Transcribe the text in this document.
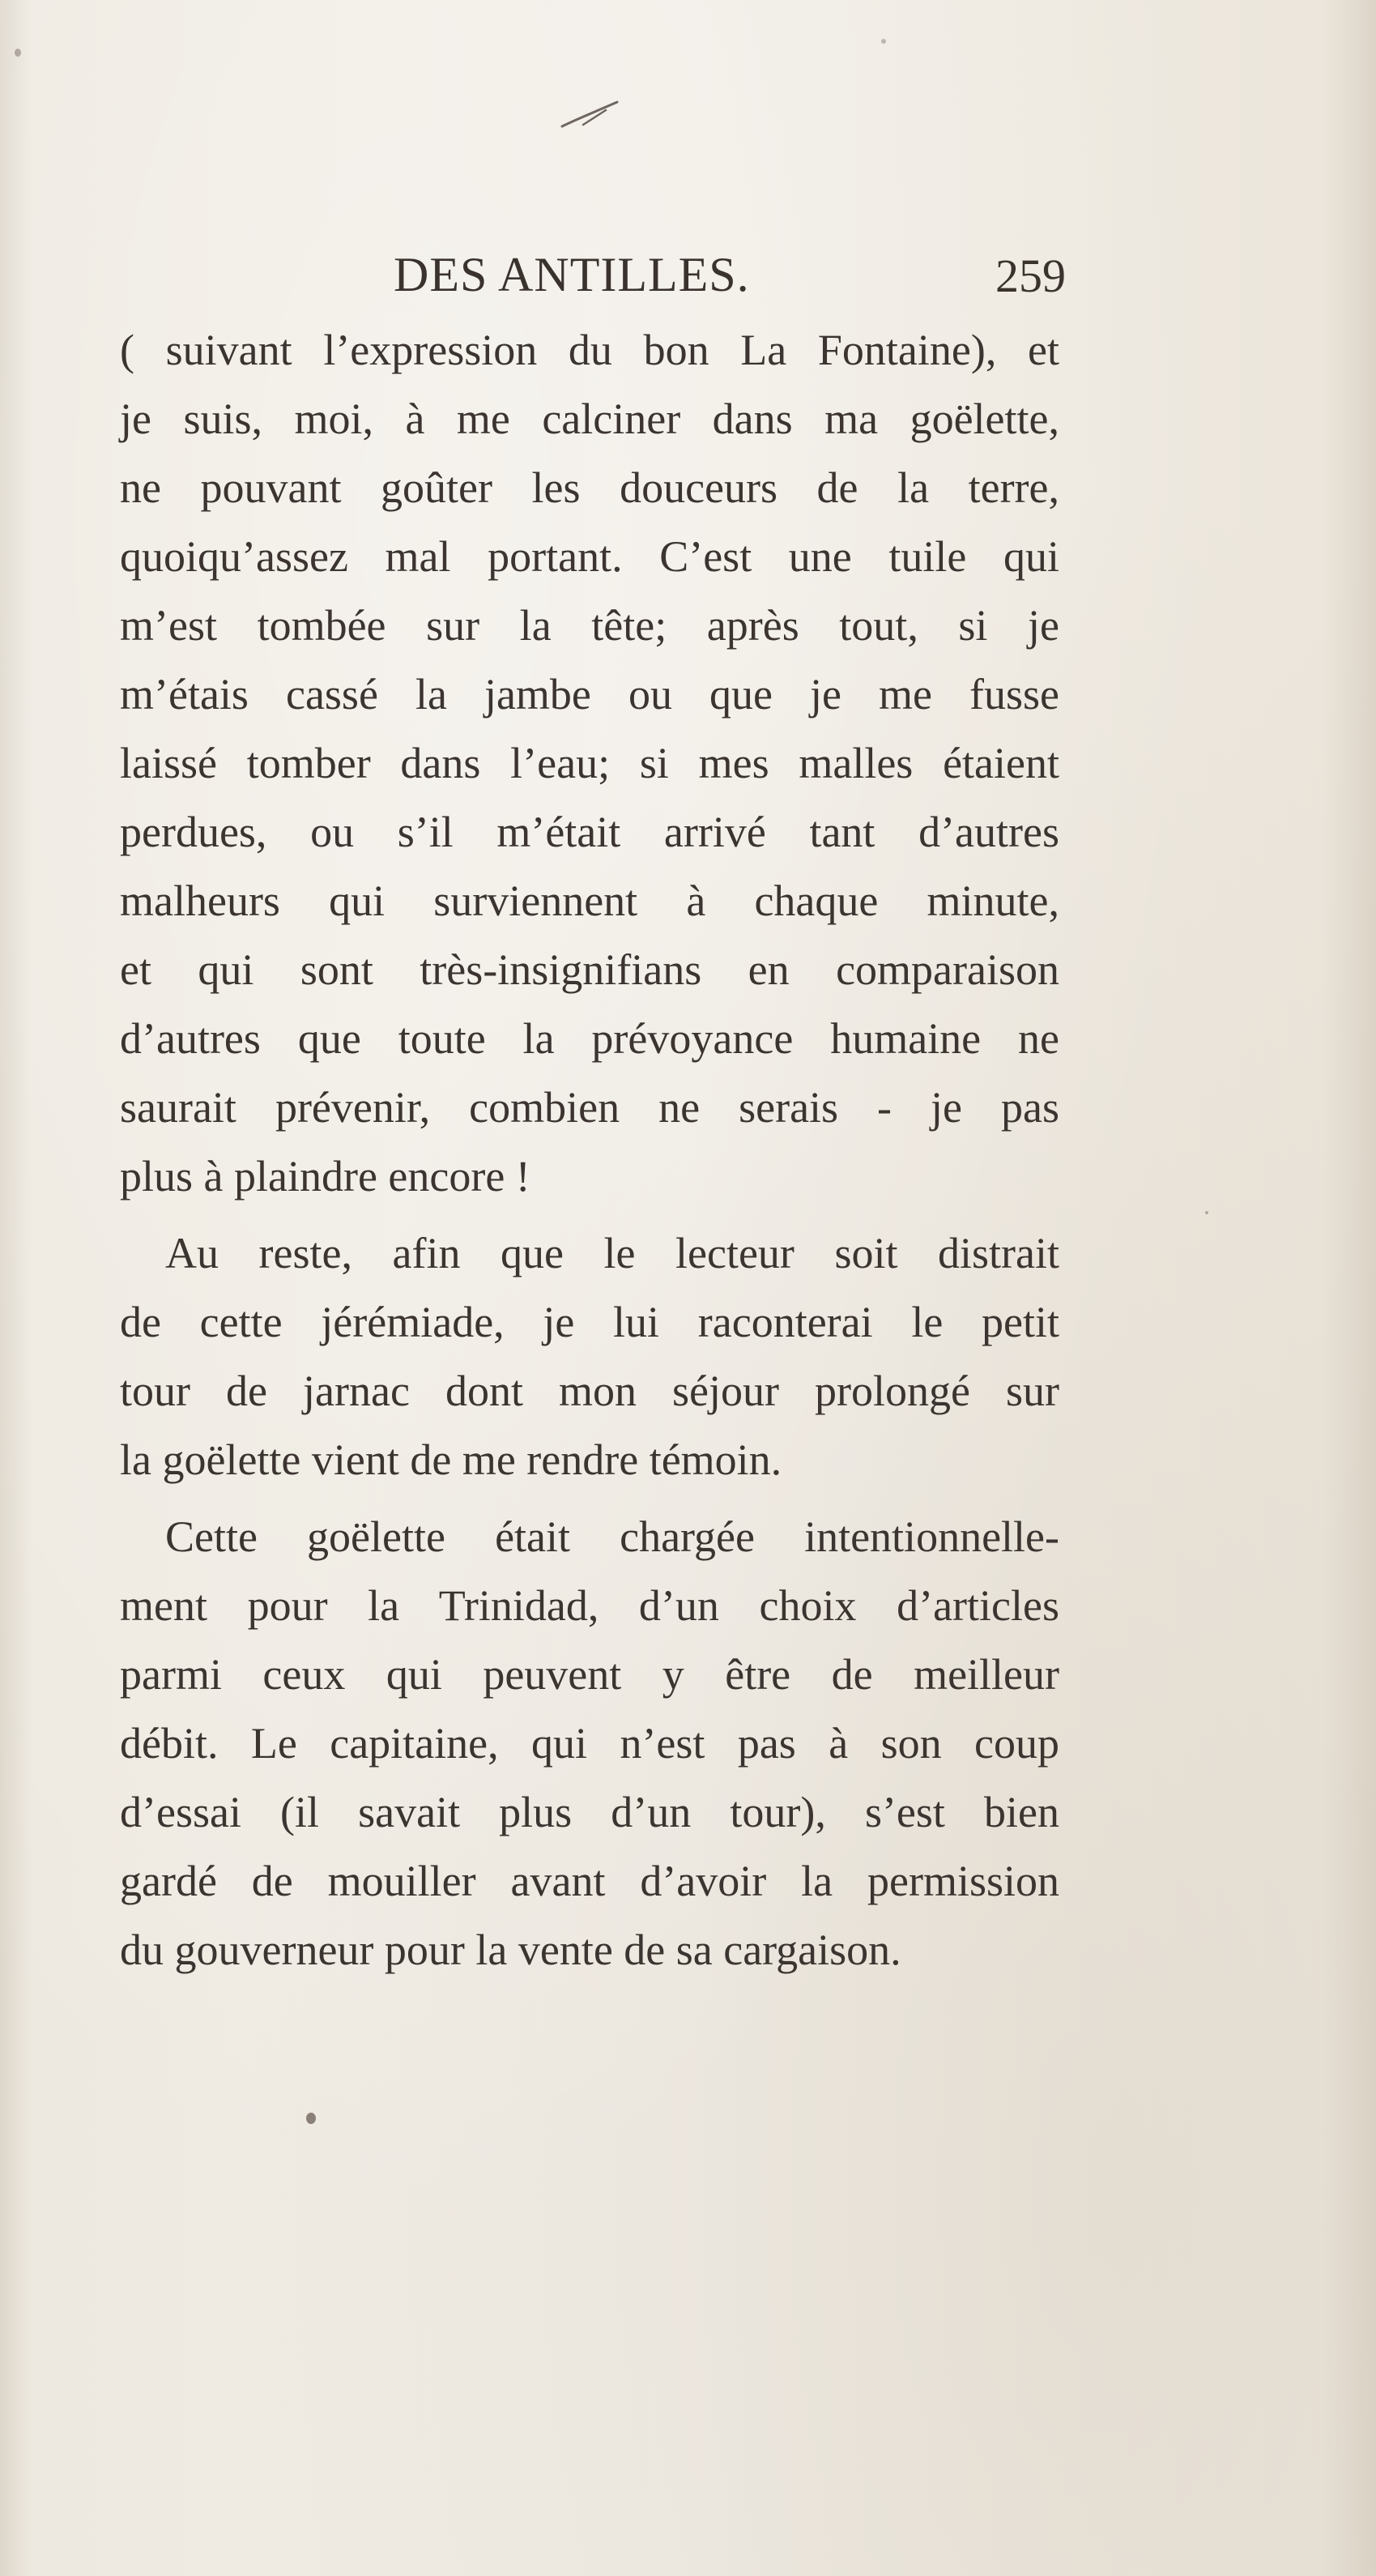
DES ANTILLES.	259
( suivant l’expression du bon La Fontaine), et
je suis, moi, à me calciner dans ma goëlette,
ne pouvant goûter les douceurs de la terre,
quoiqu’assez mal portant. C’est une tuile qui
m’est tombée sur la tête; après tout, si je
m’étais cassé la jambe ou que je me fusse
laissé tomber dans l’eau; si mes malles étaient
perdues, ou s’il m’était arrivé tant d’autres
malheurs qui surviennent à chaque minute,
et qui sont très-insignifians en comparaison
d’autres que toute la prévoyance humaine ne
saurait prévenir, combien ne serais - je pas
plus à plaindre encore !
Au reste, afin que le lecteur soit distrait
de cette jérémiade, je lui raconterai le petit
tour de jarnac dont mon séjour prolongé sur
la goëlette vient de me rendre témoin.
Cette goëlette était chargée intentionnelle-
ment pour la Trinidad, d’un choix d’articles
parmi ceux qui peuvent y être de meilleur
débit. Le capitaine, qui n’est pas à son coup
d’essai (il savait plus d’un tour), s’est bien
gardé de mouiller avant d’avoir la permission
du gouverneur pour la vente de sa cargaison.
